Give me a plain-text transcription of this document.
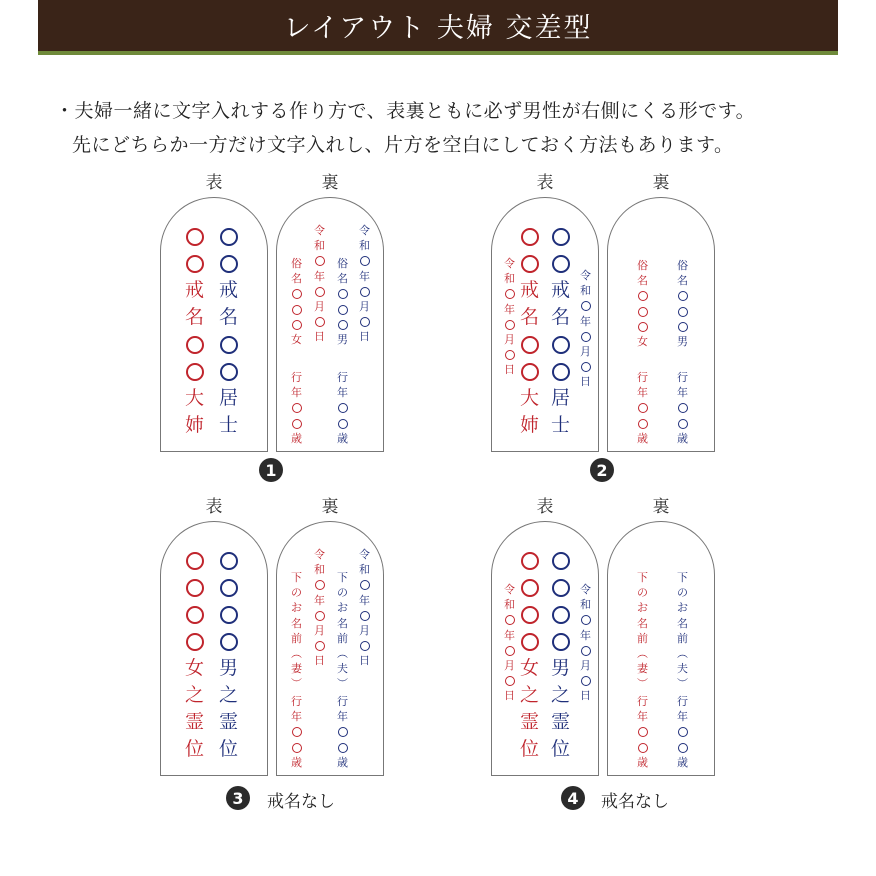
レイアウト 夫婦 交差型
・夫婦一緒に文字入れする作り方で、表裏ともに必ず男性が右側にくる形です。
先にどちらか一方だけ文字入れし、片方を空白にしておく方法もあります。
表	裏
戒
名
大
姉
戒
名
居
士
令
和
年
月
日
俗
名
女
行
年
歳
令
和
年
月
日
俗
名
男
行
年
歳
1
表	裏
令
和
年
月
日
戒
名
大
姉
戒
名
居
士
令
和
年
月
日
俗
名
女
行
年
歳
俗
名
男
行
年
歳
2
表	裏
女
之
霊
位
男
之
霊
位
令
和
年
月
日
下
の
お
名
前
︵
妻
︶
行
年
歳
令
和
年
月
日
下
の
お
名
前
︵
夫
︶
行
年
歳
3	戒名なし
表	裏
令
和
年
月
日
女
之
霊
位
男
之
霊
位
令
和
年
月
日
下
の
お
名
前
︵
妻
︶
行
年
歳
下
の
お
名
前
︵
夫
︶
行
年
歳
4	戒名なし
